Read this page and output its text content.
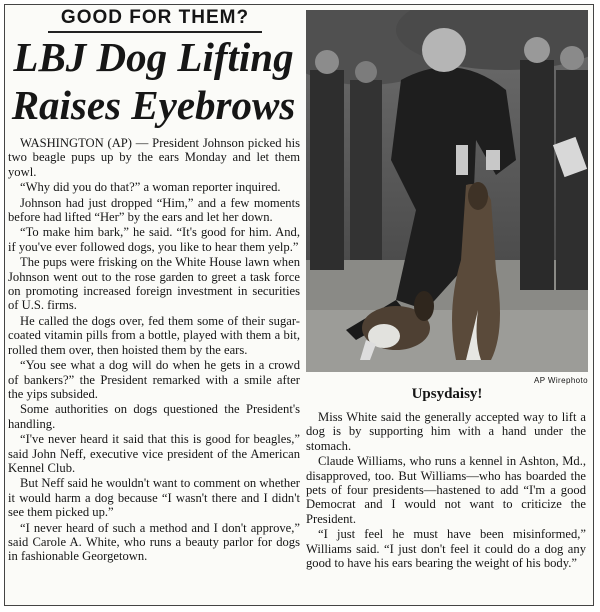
GOOD FOR THEM?
LBJ Dog Lifting
Raises Eyebrows

WASHINGTON (AP) — President Johnson picked his two beagle pups up by the ears Monday and let them yowl.

“Why did you do that?” a woman reporter inquired.

Johnson had just dropped “Him,” and a few moments before had lifted “Her” by the ears and let her down.

“To make him bark,” he said. “It's good for him. And, if you've ever followed dogs, you like to hear them yelp.”

The pups were frisking on the White House lawn when Johnson went out to the rose garden to greet a task force on promoting increased foreign investment in securities of U.S. firms.

He called the dogs over, fed them some of their sugar-coated vitamin pills from a bottle, played with them a bit, rolled them over, then hoisted them by the ears.

“You see what a dog will do when he gets in a crowd of bankers?” the President remarked with a smile after the yips subsided.

Some authorities on dogs questioned the President's handling.

“I've never heard it said that this is good for beagles,” said John Neff, executive vice president of the American Kennel Club.

But Neff said he wouldn't want to comment on whether it would harm a dog because “I wasn't there and I didn't see them picked up.”

“I never heard of such a method and I don't approve,” said Carole A. White, who runs a beauty parlor for dogs in fashionable Georgetown.

AP Wirephoto
Upsydaisy!

Miss White said the generally accepted way to lift a dog is by supporting him with a hand under the stomach.

Claude Williams, who runs a kennel in Ashton, Md., disapproved, too. But Williams—who has boarded the pets of four presidents—hastened to add “I'm a good Democrat and I would not want to criticize the President.

“I just feel he must have been misinformed,” Williams said. “I just don't feel it could do a dog any good to have his ears bearing the weight of his body.”
